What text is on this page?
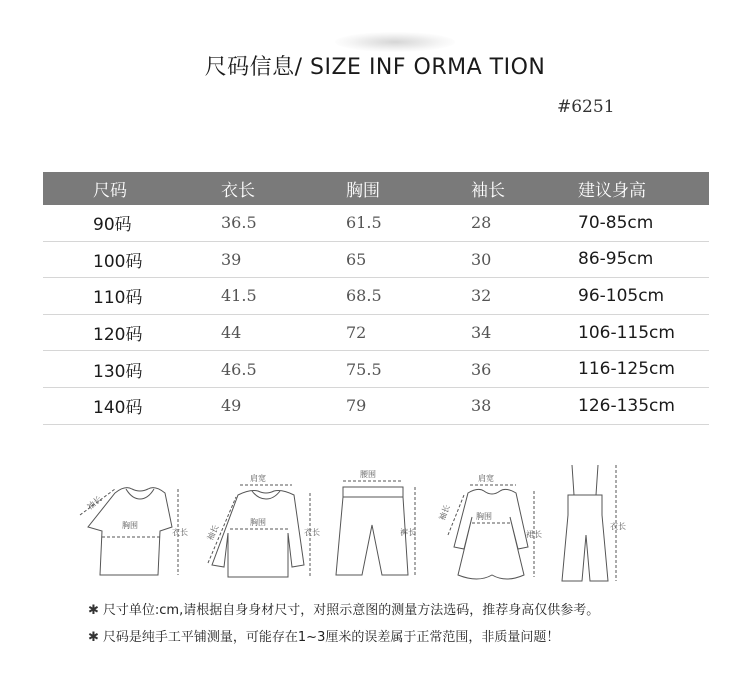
尺码信息/ SIZE INF ORMA TION
#6251
尺码	衣长	胸围	袖长	建议身高
90码	36.5	61.5	28	70-85cm
100码	39	65	30	86-95cm
110码	41.5	68.5	32	96-105cm
120码	44	72	34	106-115cm
130码	46.5	75.5	36	116-125cm
140码	49	79	38	126-135cm
袖长
胸围
衣长
肩宽
袖长
胸围
衣长
腰围
裤长
肩宽
袖长	胸围
裙长
衣长
✱ 尺寸单位:cm,请根据自身身材尺寸，对照示意图的测量方法选码，推荐身高仅供参考。
✱ 尺码是纯手工平铺测量，可能存在1~3厘米的误差属于正常范围，非质量问题！
